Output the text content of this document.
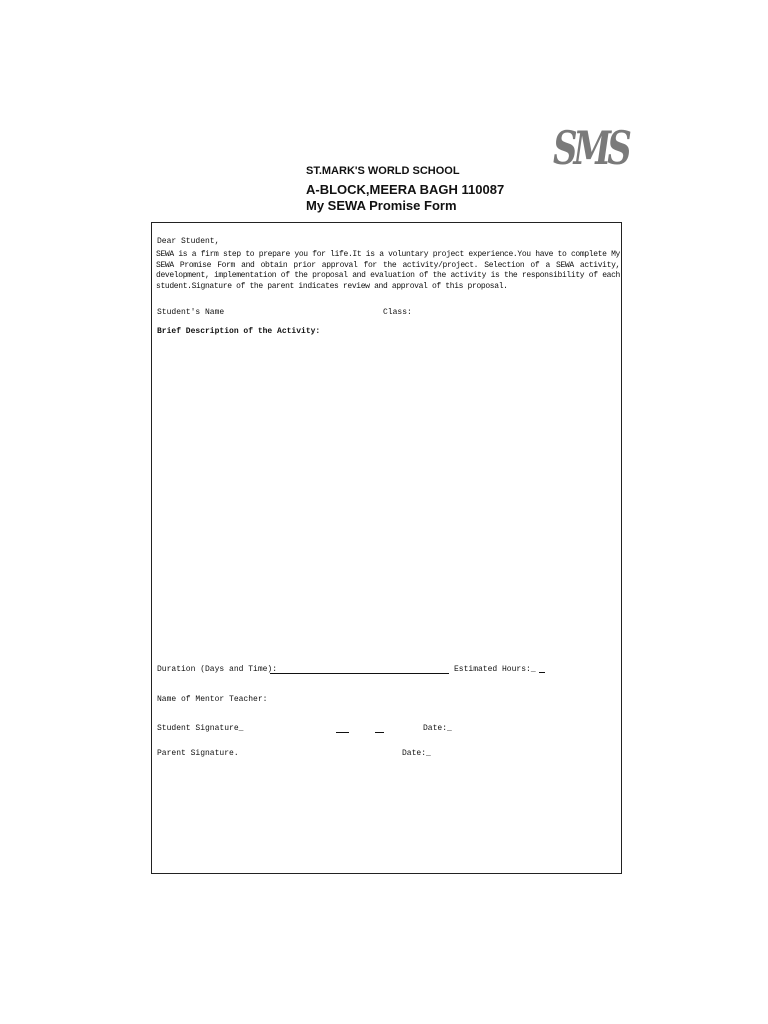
SMS
ST.MARK'S WORLD SCHOOL
A-BLOCK,MEERA BAGH 110087
My SEWA Promise Form
Dear Student,
SEWA is a firm step to prepare you for life.It is a voluntary project experience.You have to complete My SEWA Promise Form and obtain prior approval for the activity/project. Selection of a SEWA activity, development, implementation of the proposal and evaluation of the activity is the responsibility of each student.Signature of the parent indicates review and approval of this proposal.
Student's Name	Class:
Brief Description of the Activity:
Duration (Days and Time):	Estimated Hours:_
Name of Mentor Teacher:
Student Signature_	Date:_
Parent Signature.	Date:_
